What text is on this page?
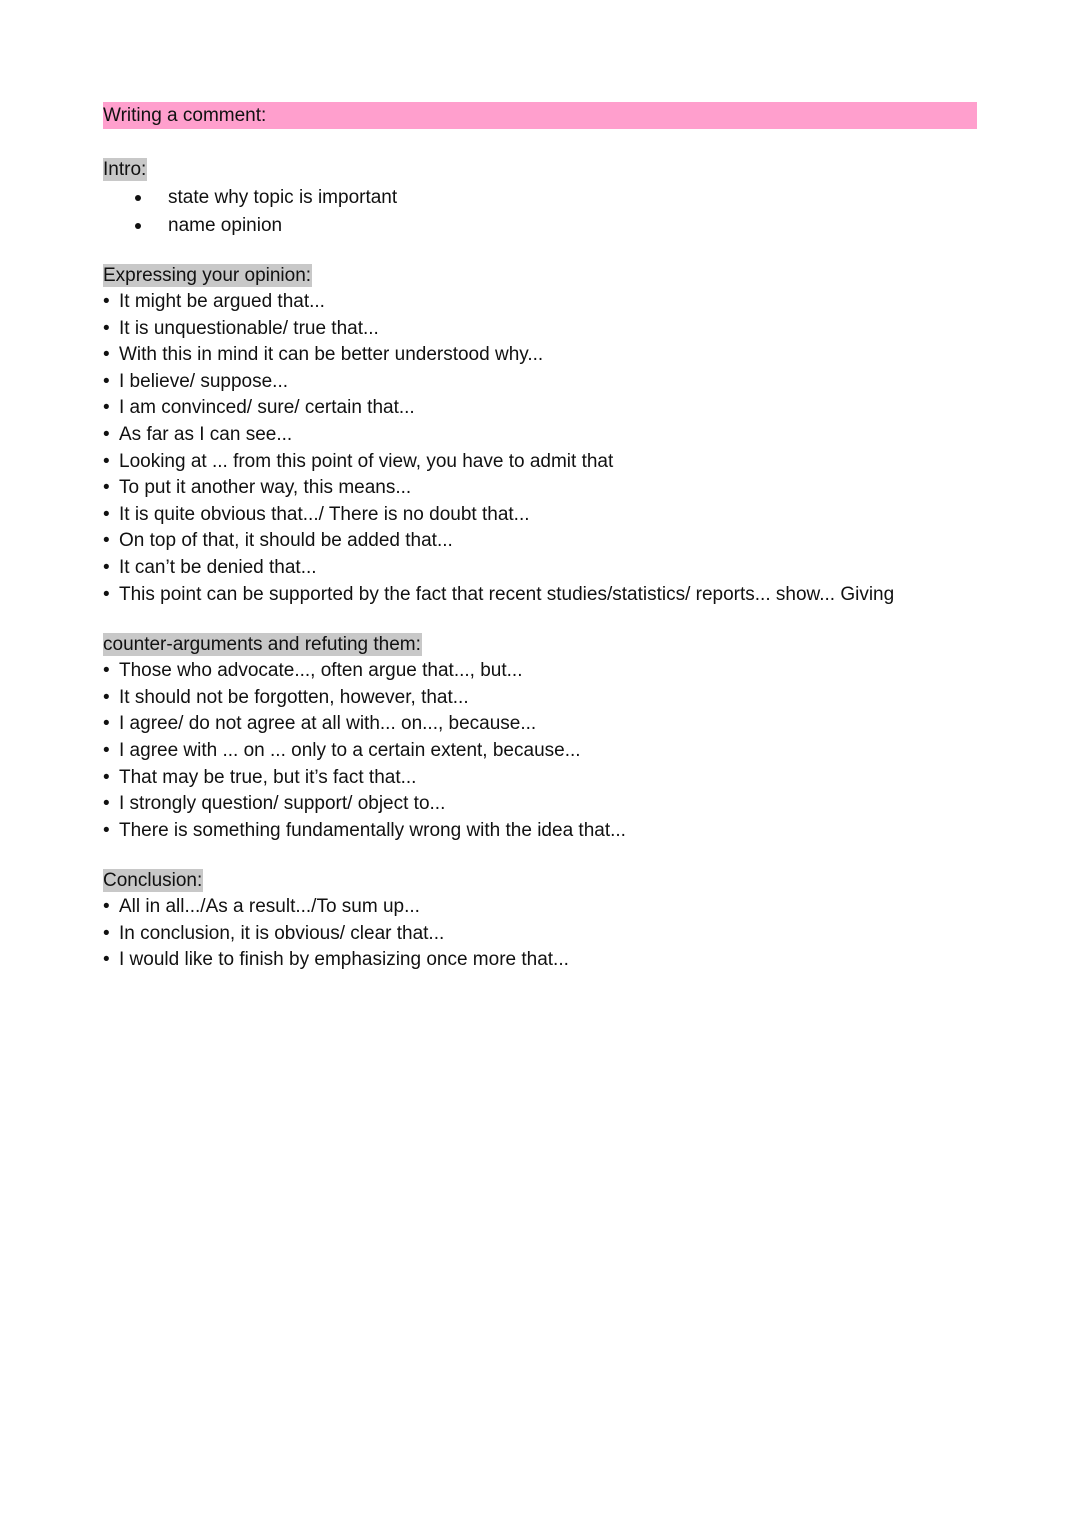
Writing a comment:
Intro:
state why topic is important
name opinion
Expressing your opinion:
• It might be argued that...
• It is unquestionable/ true that...
• With this in mind it can be better understood why...
• I believe/ suppose...
• I am convinced/ sure/ certain that...
• As far as I can see...
• Looking at ... from this point of view, you have to admit that
• To put it another way, this means...
• It is quite obvious that.../ There is no doubt that...
• On top of that, it should be added that...
• It can’t be denied that...
• This point can be supported by the fact that recent studies/statistics/ reports... show... Giving
counter-arguments and refuting them:
• Those who advocate..., often argue that..., but...
• It should not be forgotten, however, that...
• I agree/ do not agree at all with... on..., because...
• I agree with ... on ... only to a certain extent, because...
• That may be true, but it’s fact that...
• I strongly question/ support/ object to...
• There is something fundamentally wrong with the idea that...
Conclusion:
• All in all.../As a result.../To sum up...
• In conclusion, it is obvious/ clear that...
• I would like to finish by emphasizing once more that...
